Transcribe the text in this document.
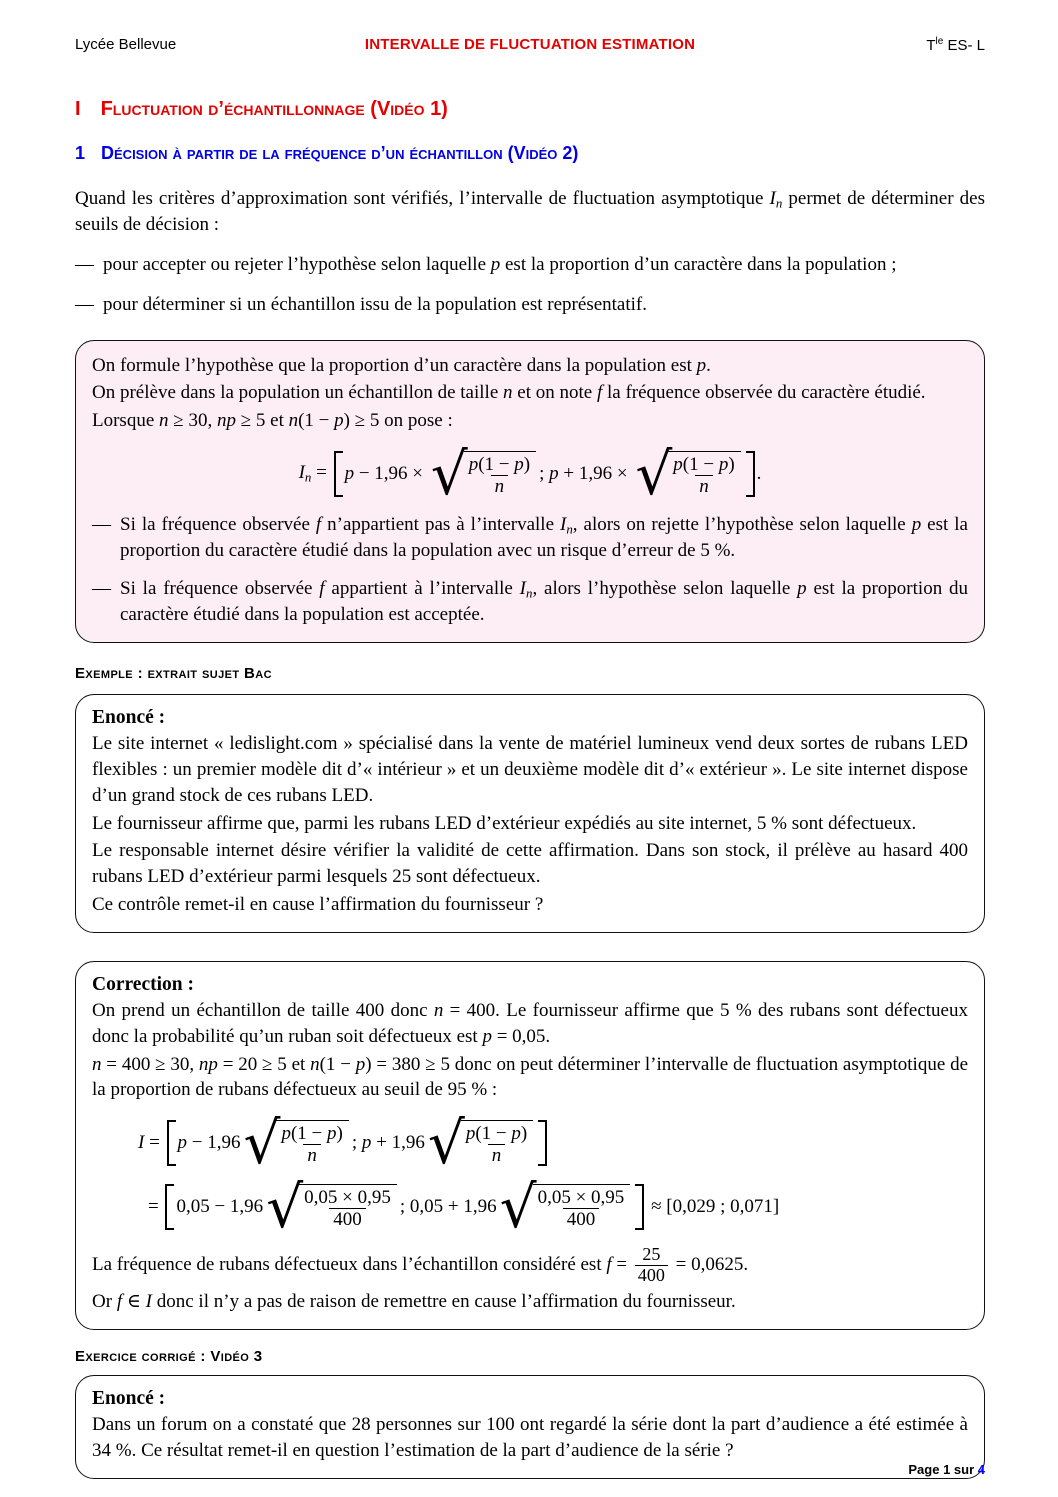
Lycée Bellevue	INTERVALLE DE FLUCTUATION ESTIMATION	$T^{le}$ ES- L
I Fluctuation d’échantillonnage (Vidéo 1)
1 Décision à partir de la fréquence d’un échantillon (Vidéo 2)

Quand les critères d’approximation sont vérifiés, l’intervalle de fluctuation asymptotique In permet de déterminer des seuils de décision :

— pour accepter ou rejeter l’hypothèse selon laquelle p est la proportion d’un caractère dans la population ;
— pour déterminer si un échantillon issu de la population est représentatif.

On formule l’hypothèse que la proportion d’un caractère dans la population est p.

On prélève dans la population un échantillon de taille n et on note f la fréquence observée du caractère étudié.

Lorsque n ≥ 30, np ≥ 5 et n(1 − p) ≥ 5 on pose :

In = p − 1,96 × √ $\frac{p(1 - p)}{n}$ ; p + 1,96 × √ $\frac{p(1 - p)}{n}$ .
— Si la fréquence observée f n’appartient pas à l’intervalle In, alors on rejette l’hypothèse selon laquelle p est la proportion du caractère étudié dans la population avec un risque d’erreur de 5 %.
— Si la fréquence observée f appartient à l’intervalle In, alors l’hypothèse selon laquelle p est la proportion du caractère étudié dans la population est acceptée.
Exemple : extrait sujet Bac
Enoncé :

Le site internet « ledislight.com » spécialisé dans la vente de matériel lumineux vend deux sortes de rubans LED flexibles : un premier modèle dit d’« intérieur » et un deuxième modèle dit d’« extérieur ». Le site internet dispose d’un grand stock de ces rubans LED.

Le fournisseur affirme que, parmi les rubans LED d’extérieur expédiés au site internet, 5 % sont défectueux.

Le responsable internet désire vérifier la validité de cette affirmation. Dans son stock, il prélève au hasard 400 rubans LED d’extérieur parmi lesquels 25 sont défectueux.

Ce contrôle remet-il en cause l’affirmation du fournisseur ?

Correction :

On prend un échantillon de taille 400 donc n = 400. Le fournisseur affirme que 5 % des rubans sont défectueux donc la probabilité qu’un ruban soit défectueux est p = 0,05.

n = 400 ≥ 30, np = 20 ≥ 5 et n(1 − p) = 380 ≥ 5 donc on peut déterminer l’intervalle de fluctuation asymptotique de la proportion de rubans défectueux au seuil de 95 % :

I = p − 1,96 √ $\frac{p(1 - p)}{n}$ ; p + 1,96 √ $\frac{p(1 - p)}{n}$
= 0,05 − 1,96 √ $\frac{0,05 \times 0,95}{400}$ ; 0,05 + 1,96 √ $\frac{0,05 \times 0,95}{400} \approx [0,029$ ; 0,071]
La fréquence de rubans défectueux dans l’échantillon considéré est $f = \frac{25}{400} = 0,0625$.

Or f ∈ I donc il n’y a pas de raison de remettre en cause l’affirmation du fournisseur.

Exercice corrigé : Vidéo 3
Enoncé :

Dans un forum on a constaté que 28 personnes sur 100 ont regardé la série dont la part d’audience a été estimée à 34 %. Ce résultat remet-il en question l’estimation de la part d’audience de la série ?

Page 1 sur 4
